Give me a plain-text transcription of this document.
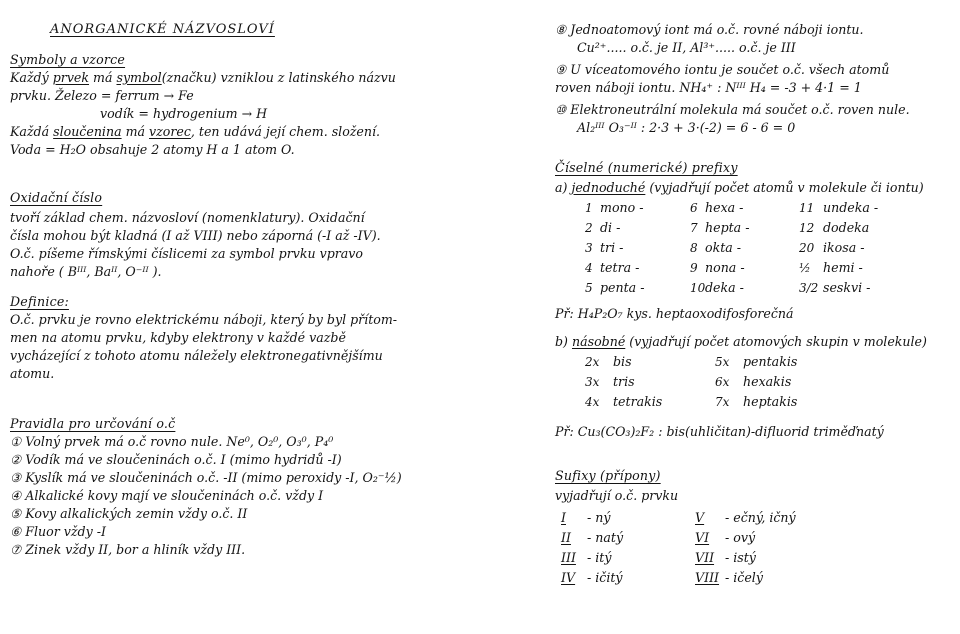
ANORGANICKÉ NÁZVOSLOVÍ
Symboly a vzorce
Každý prvek má symbol(značku) vzniklou z latinského názvu
prvku. Železo = ferrum → Fe
vodík = hydrogenium → H
Každá sloučenina má vzorec, ten udává její chem. složení.
Voda = H₂O obsahuje 2 atomy H a 1 atom O.
Oxidační číslo
tvoří základ chem. názvosloví (nomenklatury). Oxidační
čísla mohou být kladná (I až VIII) nebo záporná (-I až -IV).
O.č. píšeme římskými číslicemi za symbol prvku vpravo
nahoře ( Bᴵᴵᴵ, Baᴵᴵ, O⁻ᴵᴵ ).
Definice:
O.č. prvku je rovno elektrickému náboji, který by byl přítom-
men na atomu prvku, kdyby elektrony v každé vazbě
vycházející z tohoto atomu náležely elektronegativnějšímu
atomu.
Pravidla pro určování o.č
① Volný prvek má o.č rovno nule. Ne⁰, O₂⁰, O₃⁰, P₄⁰
② Vodík má ve sloučeninách o.č. I (mimo hydridů -I)
③ Kyslík má ve sloučeninách o.č. -II (mimo peroxidy -I, O₂⁻½)
④ Alkalické kovy mají ve sloučeninách o.č. vždy I
⑤ Kovy alkalických zemin vždy o.č. II
⑥ Fluor vždy -I
⑦ Zinek vždy II, bor a hliník vždy III.
⑧ Jednoatomový iont má o.č. rovné náboji iontu.
Cu²⁺..... o.č. je II, Al³⁺..... o.č. je III
⑨ U víceatomového iontu je součet o.č. všech atomů
roven náboji iontu. NH₄⁺ : Nᴵᴵᴵ H₄ = -3 + 4·1 = 1
⑩ Elektroneutrální molekula má součet o.č. roven nule.
Al₂ᴵᴵᴵ O₃⁻ᴵᴵ : 2·3 + 3·(-2) = 6 - 6 = 0
Číselné (numerické) prefixy
a) jednoduché (vyjadřují počet atomů v molekule či iontu)
1 mono -	6 hexa -	11 undeka -
2 di -	7 hepta -	12 dodeka
3 tri -	8 okta -	20 ikosa -
4 tetra -	9 nona -	½ hemi -
5 penta -	10 deka -	3/2 seskvi -
Př: H₄P₂O₇ kys. heptaoxodifosforečná
b) násobné (vyjadřují počet atomových skupin v molekule)
2x bis	5x pentakis
3x tris	6x hexakis
4x tetrakis	7x heptakis
Př: Cu₃(CO₃)₂F₂ : bis(uhličitan)-difluorid triměďnatý
Sufixy (přípony)
vyjadřují o.č. prvku
I - ný	V - ečný, ičný
II - natý	VI - ový
III - itý	VII - istý
IV - ičitý	VIII - ičelý
